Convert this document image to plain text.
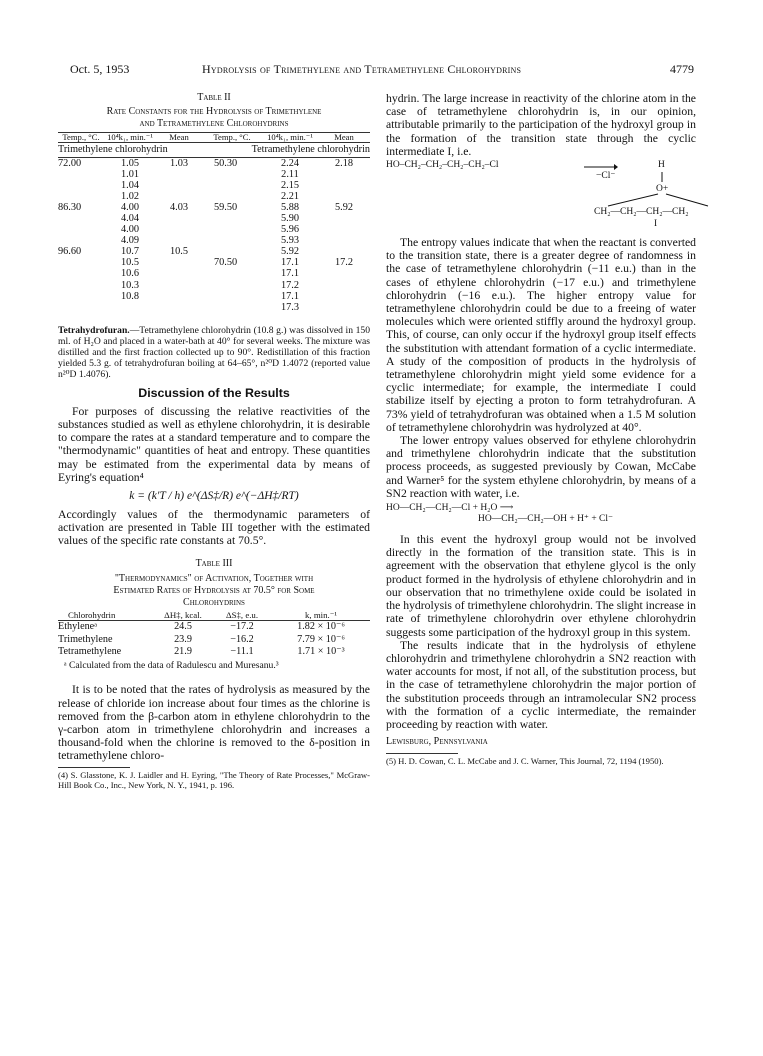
Oct. 5, 1953	Hydrolysis of Trimethylene and Tetramethylene Chlorohydrins	4779
Table II
Rate Constants for the Hydrolysis of Trimethylene
and Tetramethylene Chlorohydrins
Temp., °C.	10⁴k₁, min.⁻¹	Mean	Temp., °C.	10⁴k₁, min.⁻¹	Mean
Trimethylene chlorohydrin			Tetramethylene chlorohydrin		
72.00	1.05	1.03	50.30	2.24	2.18
	1.01			2.11	
	1.04			2.15	
	1.02			2.21	
86.30	4.00	4.03	59.50	5.88	5.92
	4.04			5.90	
	4.00			5.96	
	4.09			5.93	
96.60	10.7	10.5		5.92	
	10.5		70.50	17.1	17.2
	10.6			17.1	
	10.3			17.2	
	10.8			17.1	
				17.3	
Tetrahydrofuran.—Tetramethylene chlorohydrin (10.8 g.) was dissolved in 150 ml. of H₂O and placed in a water-bath at 40° for several weeks. The mixture was distilled and the first fraction collected up to 90°. Redistillation of this fraction yielded 5.3 g. of tetrahydrofuran boiling at 64–65°, n²⁰D 1.4072 (reported value n²⁰D 1.4076).
Discussion of the Results
For purposes of discussing the relative reactivities of the substances studied as well as ethylene chlorohydrin, it is desirable to compare the rates at a standard temperature and to compare the "thermodynamic" quantities of heat and entropy. These quantities may be estimated from the experimental data by means of Eyring's equation⁴
k = (k′T / h) e^(ΔS‡/R) e^(−ΔH‡/RT)
Accordingly values of the thermodynamic parameters of activation are presented in Table III together with the estimated values of the specific rate constants at 70.5°.
Table III
"Thermodynamics" of Activation, Together with
Estimated Rates of Hydrolysis at 70.5° for Some
Chlorohydrins
Chlorohydrin	ΔH‡, kcal.	ΔS‡, e.u.	k, min.⁻¹
Ethyleneᵃ	24.5	−17.2	1.82 × 10⁻⁶
Trimethylene	23.9	−16.2	7.79 × 10⁻⁶
Tetramethylene	21.9	−11.1	1.71 × 10⁻³
ᵃ Calculated from the data of Radulescu and Muresanu.³
It is to be noted that the rates of hydrolysis as measured by the release of chloride ion increase about four times as the chlorine is removed from the β-carbon atom in ethylene chlorohydrin to the γ-carbon atom in trimethylene chlorohydrin and increases a thousand-fold when the chlorine is removed to the δ-position in tetramethylene chloro-
(4) S. Glasstone, K. J. Laidler and H. Eyring, "The Theory of Rate Processes," McGraw-Hill Book Co., Inc., New York, N. Y., 1941, p. 196.
hydrin. The large increase in reactivity of the chlorine atom in the case of tetramethylene chlorohydrin is, in our opinion, attributable primarily to the participation of the hydroxyl group in the formation of the transition state through the cyclic intermediate I, i.e.
HO–CH₂–CH₂–CH₂–CH₂–Cl
−Cl⁻
H
O+
CH₂—CH₂—CH₂—CH₂
I
The entropy values indicate that when the reactant is converted to the transition state, there is a greater degree of randomness in the case of tetramethylene chlorohydrin (−11 e.u.) than in the cases of ethylene chlorohydrin (−17 e.u.) and trimethylene chlorohydrin (−16 e.u.). The higher entropy value for tetramethylene chlorohydrin could be due to a freeing of water molecules which were oriented stiffly around the hydroxyl group. This, of course, can only occur if the hydroxyl group itself effects the substitution with attendant formation of a cyclic intermediate. A study of the composition of products in the hydrolysis of tetramethylene chlorohydrin might yield some evidence for a cyclic intermediate; for example, the intermediate I could stabilize itself by ejecting a proton to form tetrahydrofuran. A 73% yield of tetrahydrofuran was obtained when a 1.5 M solution of tetramethylene chlorohydrin was hydrolyzed at 40°.
The lower entropy values observed for ethylene chlorohydrin and trimethylene chlorohydrin indicate that the substitution process proceeds, as suggested previously by Cowan, McCabe and Warner⁵ for the system ethylene chlorohydrin, by means of a SN2 reaction with water, i.e.
HO—CH₂—CH₂—Cl + H₂O ⟶
HO—CH₂—CH₂—OH + H⁺ + Cl⁻
In this event the hydroxyl group would not be involved directly in the formation of the transition state. This is in agreement with the observation that ethylene glycol is the only product formed in the hydrolysis of ethylene chlorohydrin and in our observation that no trimethylene oxide could be isolated in the hydrolysis of trimethylene chlorohydrin. The slight increase in rate of trimethylene chlorohydrin over ethylene chlorohydrin suggests some participation of the hydroxyl group in this system.
The results indicate that in the hydrolysis of ethylene chlorohydrin and trimethylene chlorohydrin a SN2 reaction with water accounts for most, if not all, of the substitution process, but in the case of tetramethylene chlorohydrin the major portion of the substitution proceeds through an intramolecular SN2 process with the formation of a cyclic intermediate, the remainder proceeding by reaction with water.
Lewisburg, Pennsylvania
(5) H. D. Cowan, C. L. McCabe and J. C. Warner, This Journal, 72, 1194 (1950).
